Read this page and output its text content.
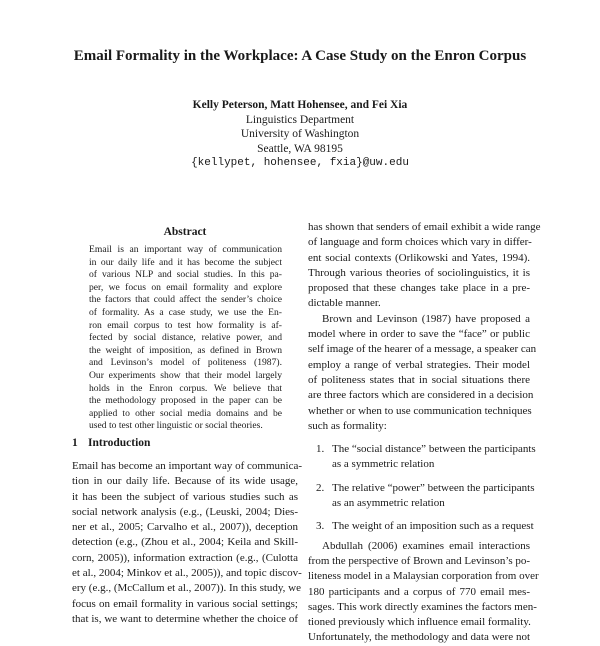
Email Formality in the Workplace: A Case Study on the Enron Corpus
Kelly Peterson, Matt Hohensee, and Fei Xia
Linguistics Department
University of Washington
Seattle, WA 98195
{kellypet, hohensee, fxia}@uw.edu
Abstract
Email is an important way of communication
in our daily life and it has become the subject
of various NLP and social studies. In this pa-
per, we focus on email formality and explore
the factors that could affect the sender’s choice
of formality. As a case study, we use the En-
ron email corpus to test how formality is af-
fected by social distance, relative power, and
the weight of imposition, as defined in Brown
and Levinson’s model of politeness (1987).
Our experiments show that their model largely
holds in the Enron corpus. We believe that
the methodology proposed in the paper can be
applied to other social media domains and be
used to test other linguistic or social theories.
1 Introduction
Email has become an important way of communica-
tion in our daily life. Because of its wide usage,
it has been the subject of various studies such as
social network analysis (e.g., (Leuski, 2004; Dies-
ner et al., 2005; Carvalho et al., 2007)), deception
detection (e.g., (Zhou et al., 2004; Keila and Skill-
corn, 2005)), information extraction (e.g., (Culotta
et al., 2004; Minkov et al., 2005)), and topic discov-
ery (e.g., (McCallum et al., 2007)). In this study, we
focus on email formality in various social settings;
that is, we want to determine whether the choice of
has shown that senders of email exhibit a wide range
of language and form choices which vary in differ-
ent social contexts (Orlikowski and Yates, 1994).
Through various theories of sociolinguistics, it is
proposed that these changes take place in a pre-
dictable manner.
Brown and Levinson (1987) have proposed a
model where in order to save the “face” or public
self image of the hearer of a message, a speaker can
employ a range of verbal strategies. Their model
of politeness states that in social situations there
are three factors which are considered in a decision
whether or when to use communication techniques
such as formality:
1. The “social distance” between the participants
as a symmetric relation
2. The relative “power” between the participants
as an asymmetric relation
3. The weight of an imposition such as a request
Abdullah (2006) examines email interactions
from the perspective of Brown and Levinson’s po-
liteness model in a Malaysian corporation from over
180 participants and a corpus of 770 email mes-
sages. This work directly examines the factors men-
tioned previously which influence email formality.
Unfortunately, the methodology and data were not
